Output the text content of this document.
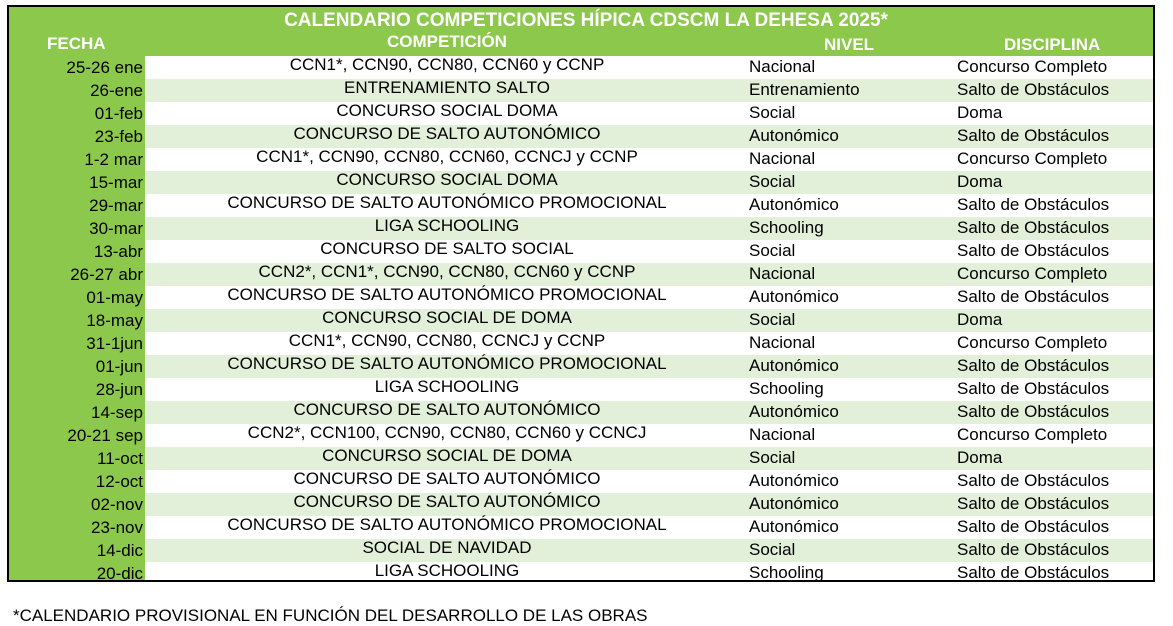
CALENDARIO COMPETICIONES HÍPICA CDSCM LA DEHESA 2025*
FECHA	COMPETICIÓN	NIVEL	DISCIPLINA
25-26 ene	CCN1*, CCN90, CCN80, CCN60 y CCNP	Nacional	Concurso Completo
26-ene	ENTRENAMIENTO SALTO	Entrenamiento	Salto de Obstáculos
01-feb	CONCURSO SOCIAL DOMA	Social	Doma
23-feb	CONCURSO DE SALTO AUTONÓMICO	Autonómico	Salto de Obstáculos
1-2 mar	CCN1*, CCN90, CCN80, CCN60, CCNCJ y CCNP	Nacional	Concurso Completo
15-mar	CONCURSO SOCIAL DOMA	Social	Doma
29-mar	CONCURSO DE SALTO AUTONÓMICO PROMOCIONAL	Autonómico	Salto de Obstáculos
30-mar	LIGA SCHOOLING	Schooling	Salto de Obstáculos
13-abr	CONCURSO DE SALTO SOCIAL	Social	Salto de Obstáculos
26-27 abr	CCN2*, CCN1*, CCN90, CCN80, CCN60 y CCNP	Nacional	Concurso Completo
01-may	CONCURSO DE SALTO AUTONÓMICO PROMOCIONAL	Autonómico	Salto de Obstáculos
18-may	CONCURSO SOCIAL DE DOMA	Social	Doma
31-1jun	CCN1*, CCN90, CCN80, CCNCJ y CCNP	Nacional	Concurso Completo
01-jun	CONCURSO DE SALTO AUTONÓMICO PROMOCIONAL	Autonómico	Salto de Obstáculos
28-jun	LIGA SCHOOLING	Schooling	Salto de Obstáculos
14-sep	CONCURSO DE SALTO AUTONÓMICO	Autonómico	Salto de Obstáculos
20-21 sep	CCN2*, CCN100, CCN90, CCN80, CCN60 y CCNCJ	Nacional	Concurso Completo
11-oct	CONCURSO SOCIAL DE DOMA	Social	Doma
12-oct	CONCURSO DE SALTO AUTONÓMICO	Autonómico	Salto de Obstáculos
02-nov	CONCURSO DE SALTO AUTONÓMICO	Autonómico	Salto de Obstáculos
23-nov	CONCURSO DE SALTO AUTONÓMICO PROMOCIONAL	Autonómico	Salto de Obstáculos
14-dic	SOCIAL DE NAVIDAD	Social	Salto de Obstáculos
20-dic	LIGA SCHOOLING	Schooling	Salto de Obstáculos
*CALENDARIO PROVISIONAL EN FUNCIÓN DEL DESARROLLO DE LAS OBRAS
